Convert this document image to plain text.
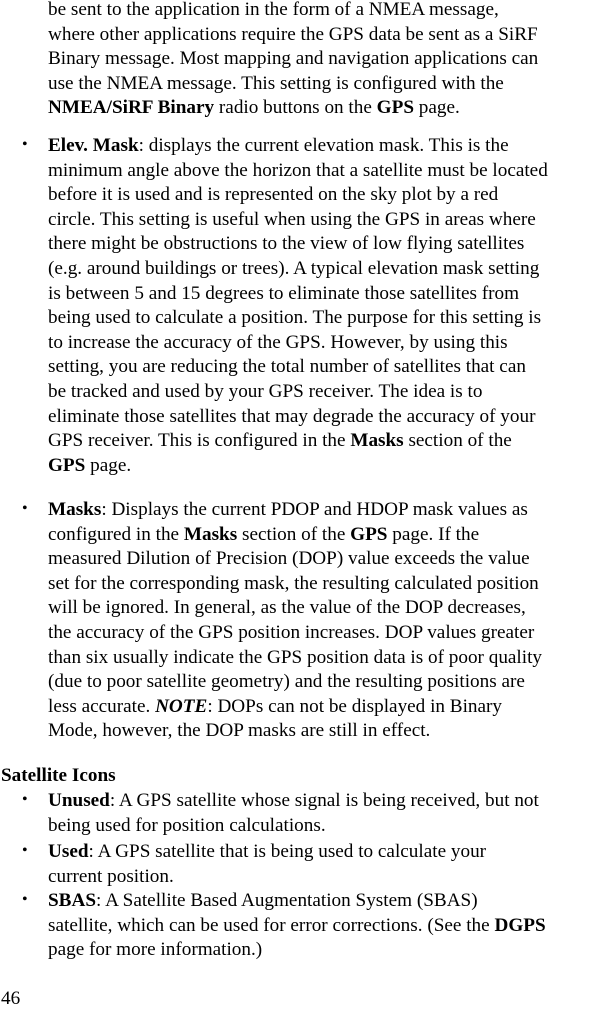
be sent to the application in the form of a NMEA message,
where other applications require the GPS data be sent as a SiRF
Binary message. Most mapping and navigation applications can
use the NMEA message. This setting is configured with the
NMEA/SiRF Binary radio buttons on the GPS page.
• Elev. Mask: displays the current elevation mask. This is the
minimum angle above the horizon that a satellite must be located
before it is used and is represented on the sky plot by a red
circle. This setting is useful when using the GPS in areas where
there might be obstructions to the view of low flying satellites
(e.g. around buildings or trees). A typical elevation mask setting
is between 5 and 15 degrees to eliminate those satellites from
being used to calculate a position. The purpose for this setting is
to increase the accuracy of the GPS. However, by using this
setting, you are reducing the total number of satellites that can
be tracked and used by your GPS receiver. The idea is to
eliminate those satellites that may degrade the accuracy of your
GPS receiver. This is configured in the Masks section of the
GPS page.
• Masks: Displays the current PDOP and HDOP mask values as
configured in the Masks section of the GPS page. If the
measured Dilution of Precision (DOP) value exceeds the value
set for the corresponding mask, the resulting calculated position
will be ignored. In general, as the value of the DOP decreases,
the accuracy of the GPS position increases. DOP values greater
than six usually indicate the GPS position data is of poor quality
(due to poor satellite geometry) and the resulting positions are
less accurate. NOTE: DOPs can not be displayed in Binary
Mode, however, the DOP masks are still in effect.
Satellite Icons
• Unused: A GPS satellite whose signal is being received, but not
being used for position calculations.
• Used: A GPS satellite that is being used to calculate your
current position.
• SBAS: A Satellite Based Augmentation System (SBAS)
satellite, which can be used for error corrections. (See the DGPS
page for more information.)
46
